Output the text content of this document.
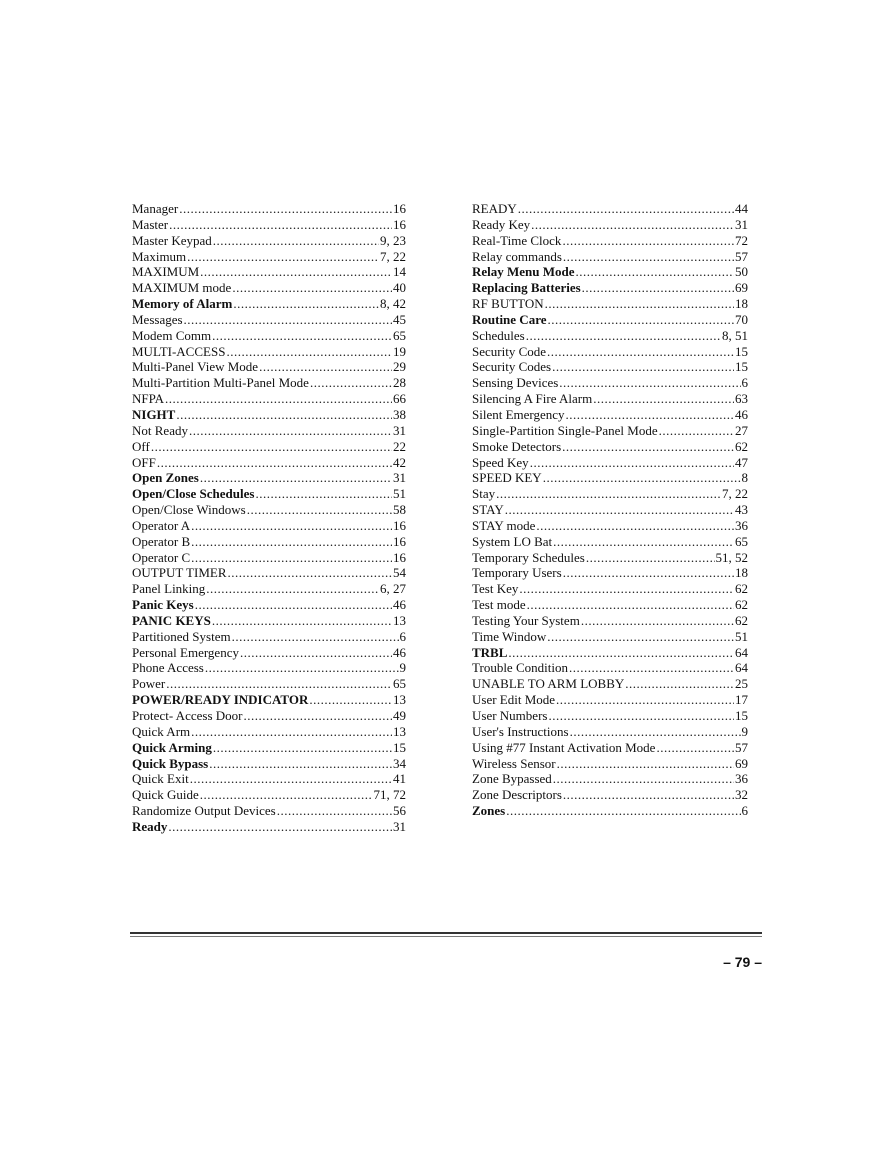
Manager .....	16
Master .....	16
Master Keypad .....	9, 23
Maximum .....	7, 22
MAXIMUM .....	14
MAXIMUM mode .....	40
Memory of Alarm .....	8, 42
Messages .....	45
Modem Comm .....	65
MULTI-ACCESS .....	19
Multi-Panel View Mode .....	29
Multi-Partition Multi-Panel Mode .....	28
NFPA .....	66
NIGHT .....	38
Not Ready .....	31
Off .....	22
OFF .....	42
Open Zones .....	31
Open/Close Schedules .....	51
Open/Close Windows .....	58
Operator A .....	16
Operator B .....	16
Operator C .....	16
OUTPUT TIMER .....	54
Panel Linking .....	6, 27
Panic Keys .....	46
PANIC KEYS .....	13
Partitioned System .....	6
Personal Emergency .....	46
Phone Access .....	9
Power .....	65
POWER/READY INDICATOR .....	13
Protect- Access Door .....	49
Quick Arm .....	13
Quick Arming .....	15
Quick Bypass .....	34
Quick Exit .....	41
Quick Guide .....	71, 72
Randomize Output Devices .....	56
Ready .....	31
READY .....	44
Ready Key .....	31
Real-Time Clock .....	72
Relay commands .....	57
Relay Menu Mode .....	50
Replacing Batteries .....	69
RF BUTTON .....	18
Routine Care .....	70
Schedules .....	8, 51
Security Code .....	15
Security Codes .....	15
Sensing Devices .....	6
Silencing A Fire Alarm .....	63
Silent Emergency .....	46
Single-Partition Single-Panel Mode .....	27
Smoke Detectors .....	62
Speed Key .....	47
SPEED KEY .....	8
Stay .....	7, 22
STAY .....	43
STAY mode .....	36
System LO Bat .....	65
Temporary Schedules .....	51, 52
Temporary Users .....	18
Test Key .....	62
Test mode .....	62
Testing Your System .....	62
Time Window .....	51
TRBL .....	64
Trouble Condition .....	64
UNABLE TO ARM LOBBY .....	25
User Edit Mode .....	17
User Numbers .....	15
User's Instructions .....	9
Using #77 Instant Activation Mode .....	57
Wireless Sensor .....	69
Zone Bypassed .....	36
Zone Descriptors .....	32
Zones .....	6
– 79 –
